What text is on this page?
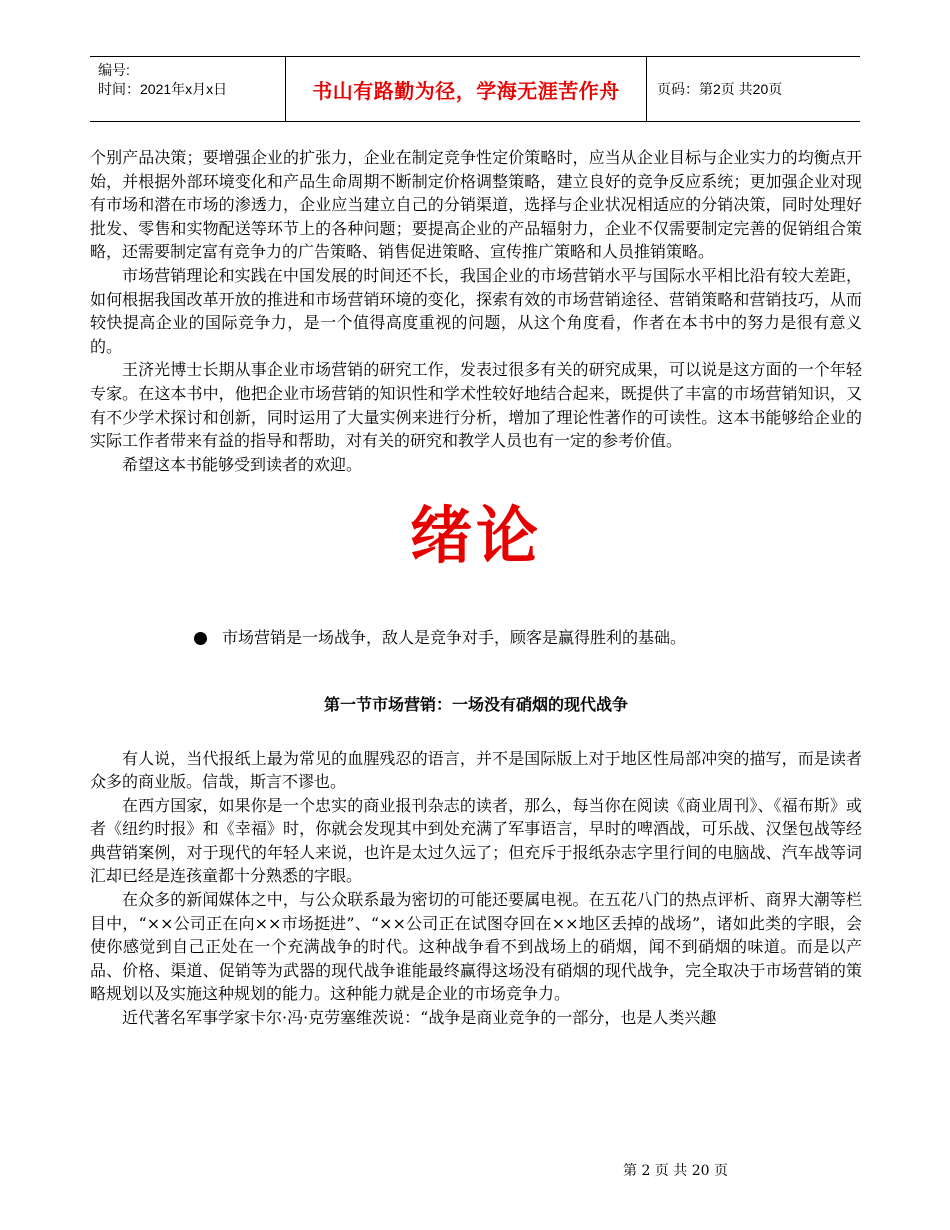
编号:
时间：2021年x月x日	书山有路勤为径，学海无涯苦作舟	页码：第2页 共20页

个别产品决策；要增强企业的扩张力，企业在制定竞争性定价策略时，应当从企业目标与企业实力的均衡点开始，并根据外部环境变化和产品生命周期不断制定价格调整策略，建立良好的竞争反应系统；更加强企业对现有市场和潜在市场的渗透力，企业应当建立自己的分销渠道，选择与企业状况相适应的分销决策，同时处理好批发、零售和实物配送等环节上的各种问题；要提高企业的产品辐射力，企业不仅需要制定完善的促销组合策略，还需要制定富有竞争力的广告策略、销售促进策略、宣传推广策略和人员推销策略。

市场营销理论和实践在中国发展的时间还不长，我国企业的市场营销水平与国际水平相比沿有较大差距，如何根据我国改革开放的推进和市场营销环境的变化，探索有效的市场营销途径、营销策略和营销技巧，从而较快提高企业的国际竞争力，是一个值得高度重视的问题，从这个角度看，作者在本书中的努力是很有意义的。

王济光博士长期从事企业市场营销的研究工作，发表过很多有关的研究成果，可以说是这方面的一个年轻专家。在这本书中，他把企业市场营销的知识性和学术性较好地结合起来，既提供了丰富的市场营销知识，又有不少学术探讨和创新，同时运用了大量实例来进行分析，增加了理论性著作的可读性。这本书能够给企业的实际工作者带来有益的指导和帮助，对有关的研究和教学人员也有一定的参考价值。

希望这本书能够受到读者的欢迎。

绪论
市场营销是一场战争，敌人是竞争对手，顾客是赢得胜利的基础。
第一节市场营销：一场没有硝烟的现代战争

有人说，当代报纸上最为常见的血腥残忍的语言，并不是国际版上对于地区性局部冲突的描写，而是读者众多的商业版。信哉，斯言不谬也。

在西方国家，如果你是一个忠实的商业报刊杂志的读者，那么，每当你在阅读《商业周刊》、《福布斯》或者《纽约时报》和《幸福》时，你就会发现其中到处充满了军事语言，早时的啤酒战，可乐战、汉堡包战等经典营销案例，对于现代的年轻人来说，也许是太过久远了；但充斥于报纸杂志字里行间的电脑战、汽车战等词汇却已经是连孩童都十分熟悉的字眼。

在众多的新闻媒体之中，与公众联系最为密切的可能还要属电视。在五花八门的热点评析、商界大潮等栏目中，“××公司正在向××市场挺进”、“××公司正在试图夺回在××地区丢掉的战场”，诸如此类的字眼，会使你感觉到自己正处在一个充满战争的时代。这种战争看不到战场上的硝烟，闻不到硝烟的味道。而是以产品、价格、渠道、促销等为武器的现代战争谁能最终赢得这场没有硝烟的现代战争，完全取决于市场营销的策略规划以及实施这种规划的能力。这种能力就是企业的市场竞争力。

近代著名军事学家卡尔·冯·克劳塞维茨说：“战争是商业竞争的一部分，也是人类兴趣

第 2 页 共 20 页
